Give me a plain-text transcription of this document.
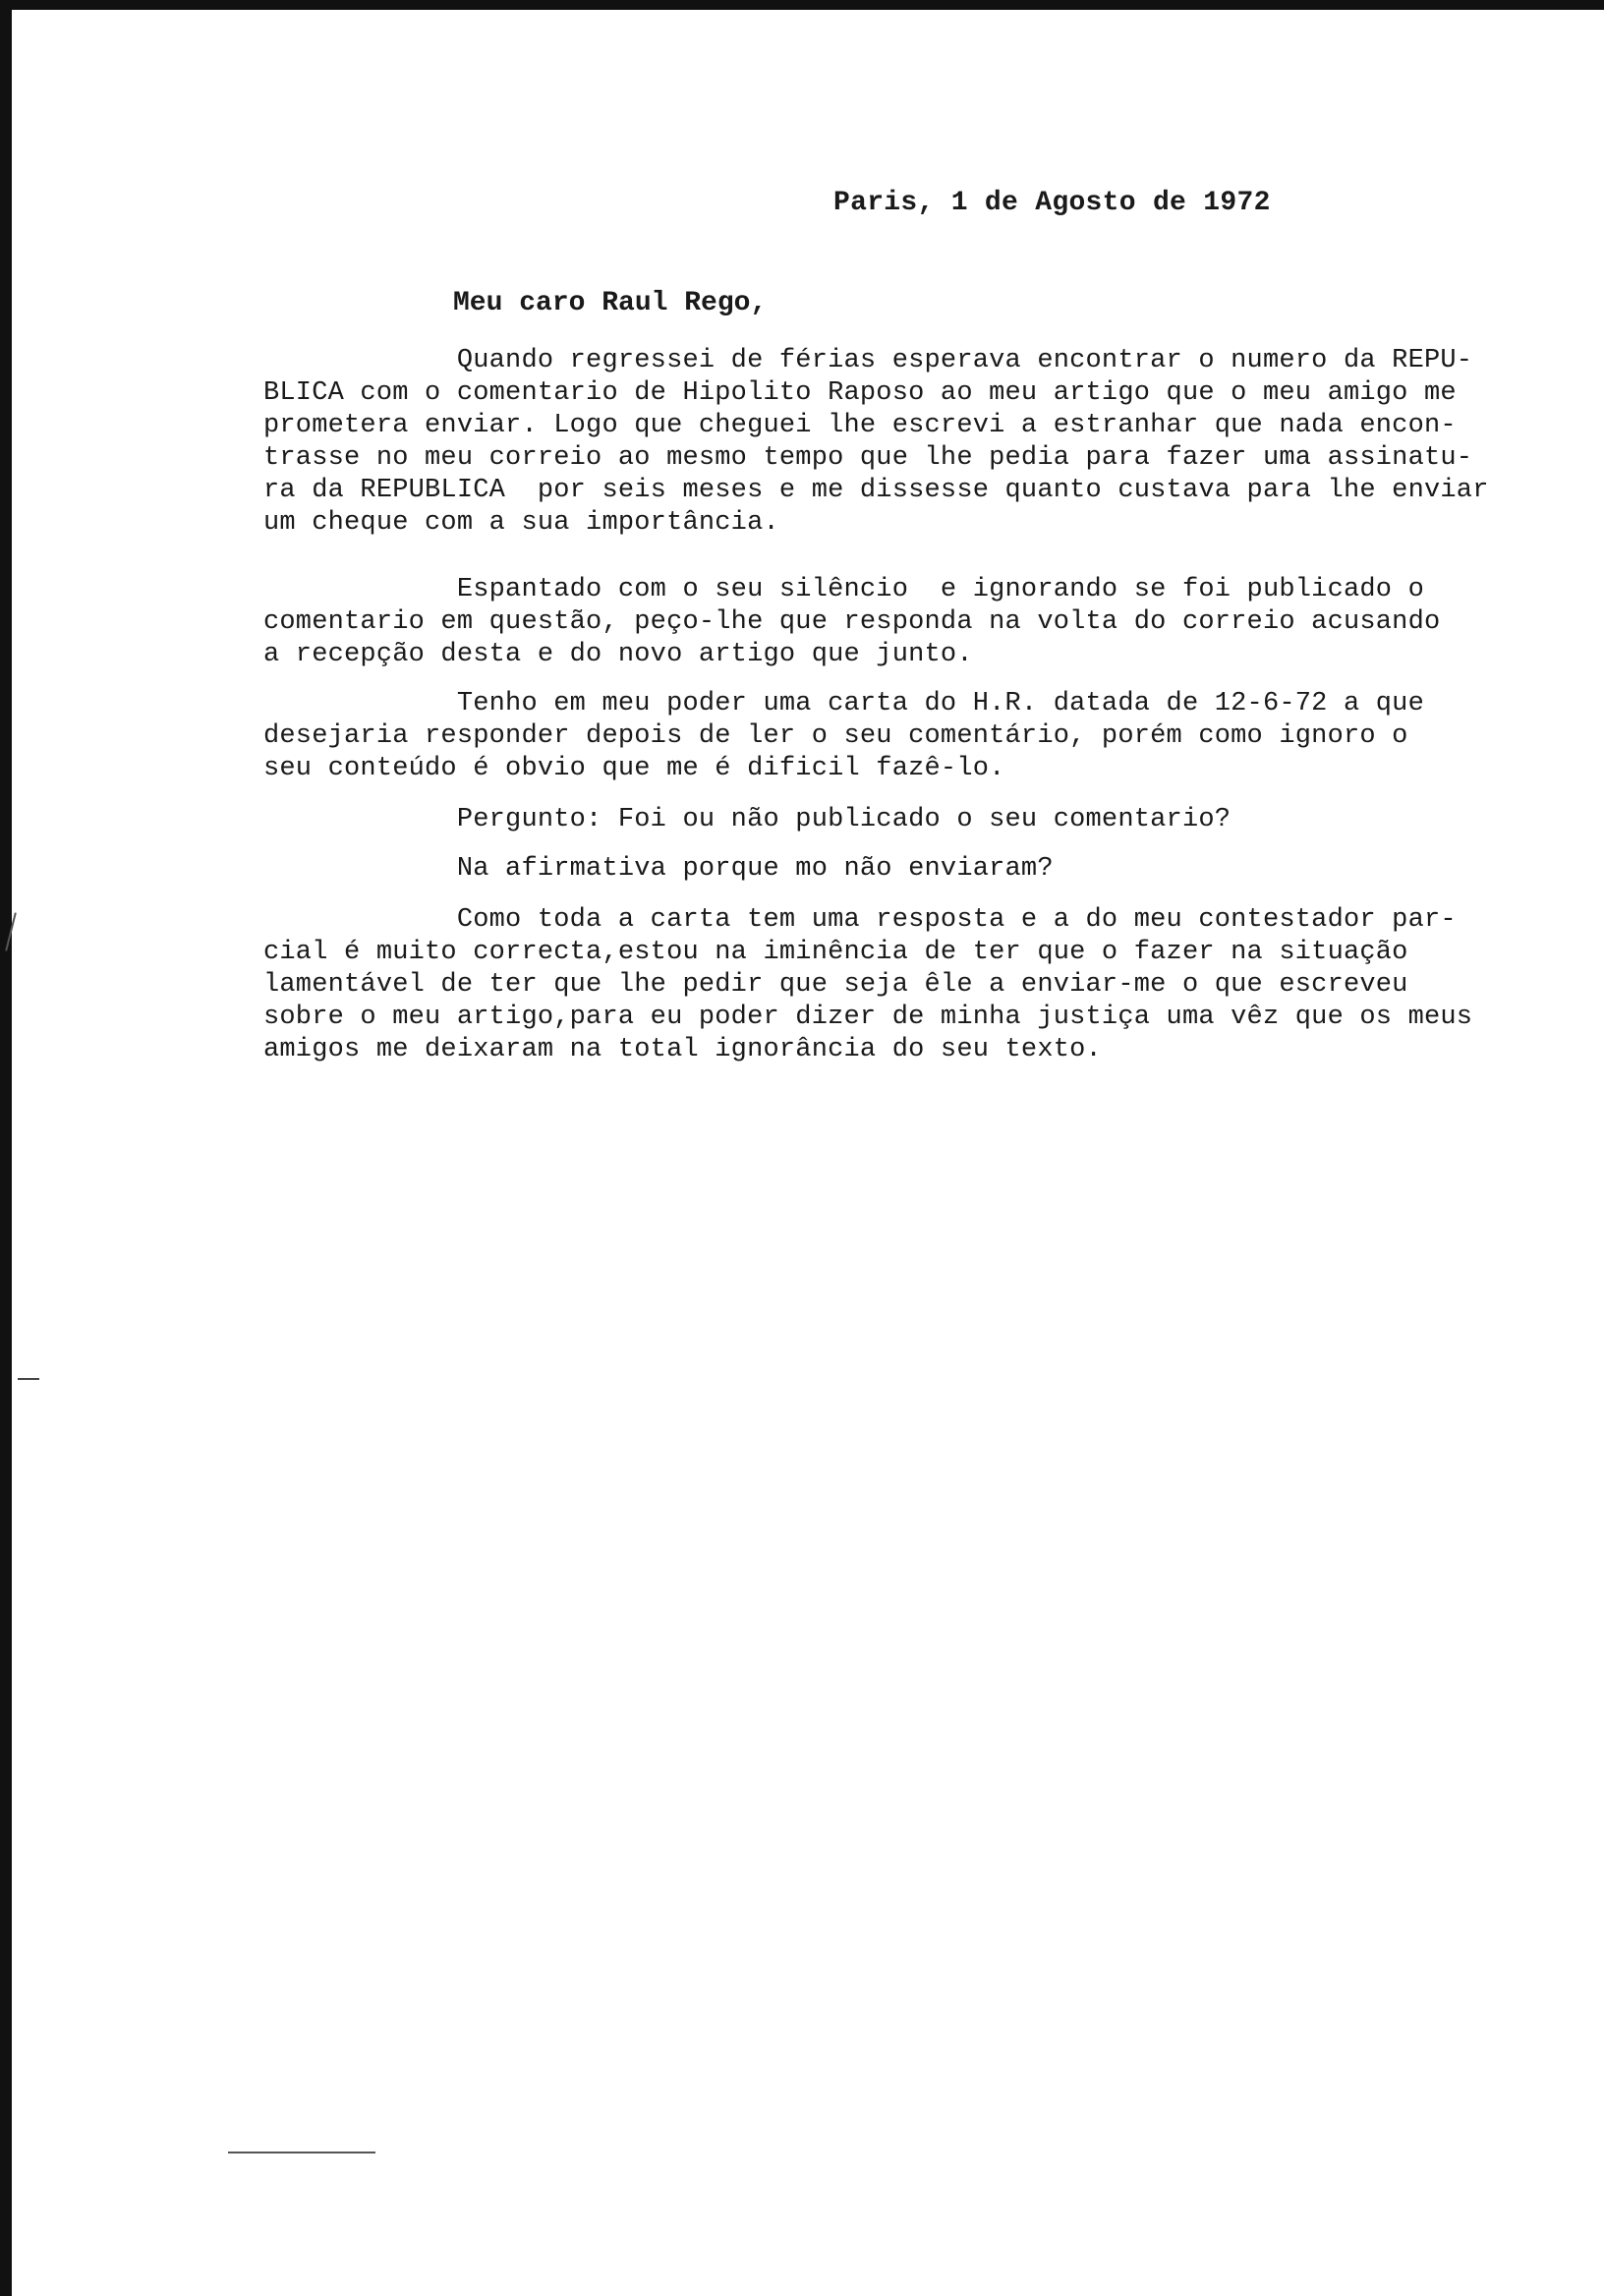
Paris, 1 de Agosto de 1972
Meu caro Raul Rego,
Quando regressei de férias esperava encontrar o numero da REPU-
BLICA com o comentario de Hipolito Raposo ao meu artigo que o meu amigo me
prometera enviar. Logo que cheguei lhe escrevi a estranhar que nada encon-
trasse no meu correio ao mesmo tempo que lhe pedia para fazer uma assinatu-
ra da REPUBLICA  por seis meses e me dissesse quanto custava para lhe enviar
um cheque com a sua importância.
Espantado com o seu silêncio  e ignorando se foi publicado o
comentario em questão, peço-lhe que responda na volta do correio acusando
a recepção desta e do novo artigo que junto.
Tenho em meu poder uma carta do H.R. datada de 12-6-72 a que
desejaria responder depois de ler o seu comentário, porém como ignoro o
seu conteúdo é obvio que me é dificil fazê-lo.
Pergunto: Foi ou não publicado o seu comentario?
Na afirmativa porque mo não enviaram?
Como toda a carta tem uma resposta e a do meu contestador par-
cial é muito correcta,estou na iminência de ter que o fazer na situação
lamentável de ter que lhe pedir que seja êle a enviar-me o que escreveu
sobre o meu artigo,para eu poder dizer de minha justiça uma vêz que os meus
amigos me deixaram na total ignorância do seu texto.
